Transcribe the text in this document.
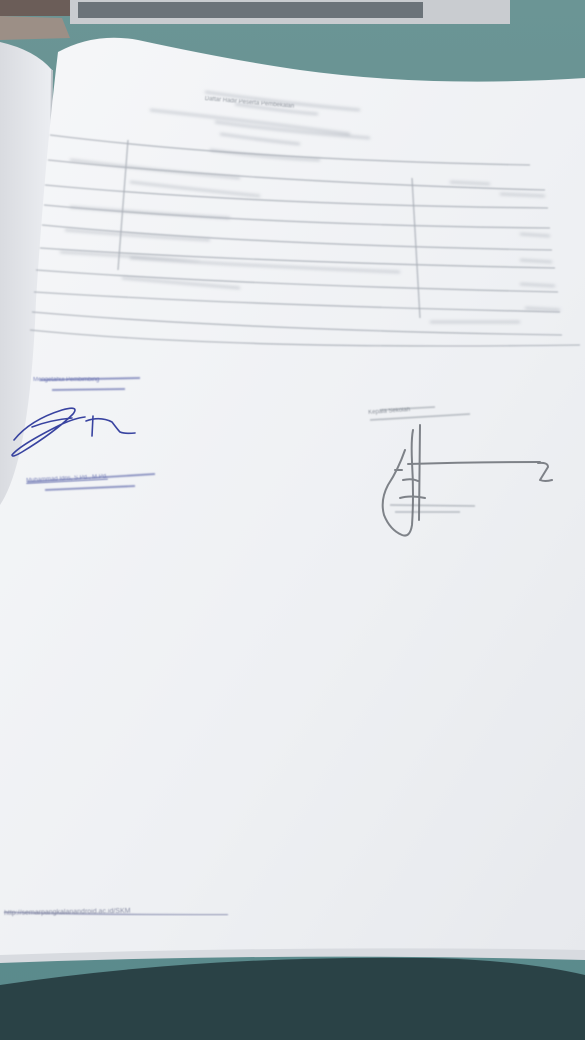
Daftar Hadir Peserta Pembekalan

Mengetahui Pembimbing

Muhammad Idris, S.Pd., M.Pd.

Kepala Sekolah

http://semarpangkalanandroid.ac.id/SKM
